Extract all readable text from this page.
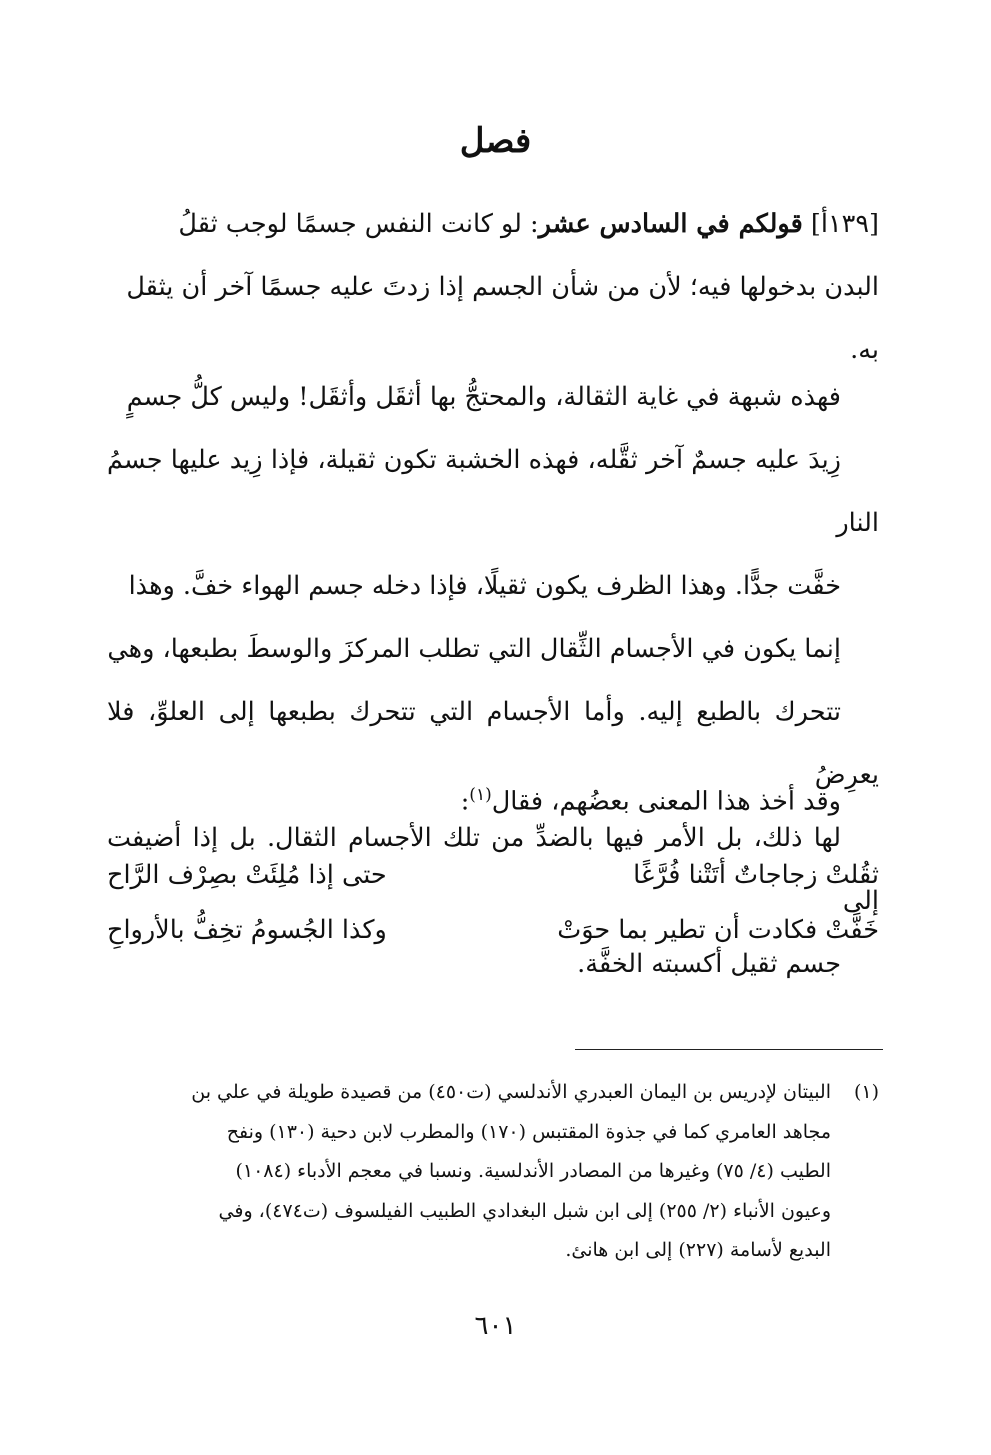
فصل
[١٣٩أ] قولكم في السادس عشر: لو كانت النفس جسمًا لوجب ثقلُ
البدن بدخولها فيه؛ لأن من شأن الجسم إذا زدتَ عليه جسمًا آخر أن يثقل
به.
فهذه شبهة في غاية الثقالة، والمحتجُّ بها أثقَل وأثقَل! وليس كلُّ جسمٍ
زِيدَ عليه جسمٌ آخر ثقَّله، فهذه الخشبة تكون ثقيلة، فإذا زِيد عليها جسمُ النار
خفَّت جدًّا. وهذا الظرف يكون ثقيلًا، فإذا دخله جسم الهواء خفَّ. وهذا
إنما يكون في الأجسام الثِّقال التي تطلب المركزَ والوسطَ بطبعها، وهي
تتحرك بالطبع إليه. وأما الأجسام التي تتحرك بطبعها إلى العلوِّ، فلا يعرِضُ
لها ذلك، بل الأمر فيها بالضدِّ من تلك الأجسام الثقال. بل إذا أضيفت إلى
جسم ثقيل أكسبته الخفَّة.
وقد أخذ هذا المعنى بعضُهم، فقال$^{(١)}$:
ثقُلتْ زجاجاتٌ أتَتْنا فُرَّغًا
حتى إذا مُلِئَتْ بصِرْف الرَّاح
خَفَّتْ فكادت أن تطير بما حوَتْ
وكذا الجُسومُ تخِفُّ بالأرواحِ
(١)
البيتان لإدريس بن اليمان العبدري الأندلسي (ت٤٥٠) من قصيدة طويلة في علي بن
مجاهد العامري كما في جذوة المقتبس (١٧٠) والمطرب لابن دحية (١٣٠) ونفح
الطيب (٤/ ٧٥) وغيرها من المصادر الأندلسية. ونسبا في معجم الأدباء (١٠٨٤)
وعيون الأنباء (٢/ ٢٥٥) إلى ابن شبل البغدادي الطبيب الفيلسوف (ت٤٧٤)، وفي
البديع لأسامة (٢٢٧) إلى ابن هانئ.
٦٠١
